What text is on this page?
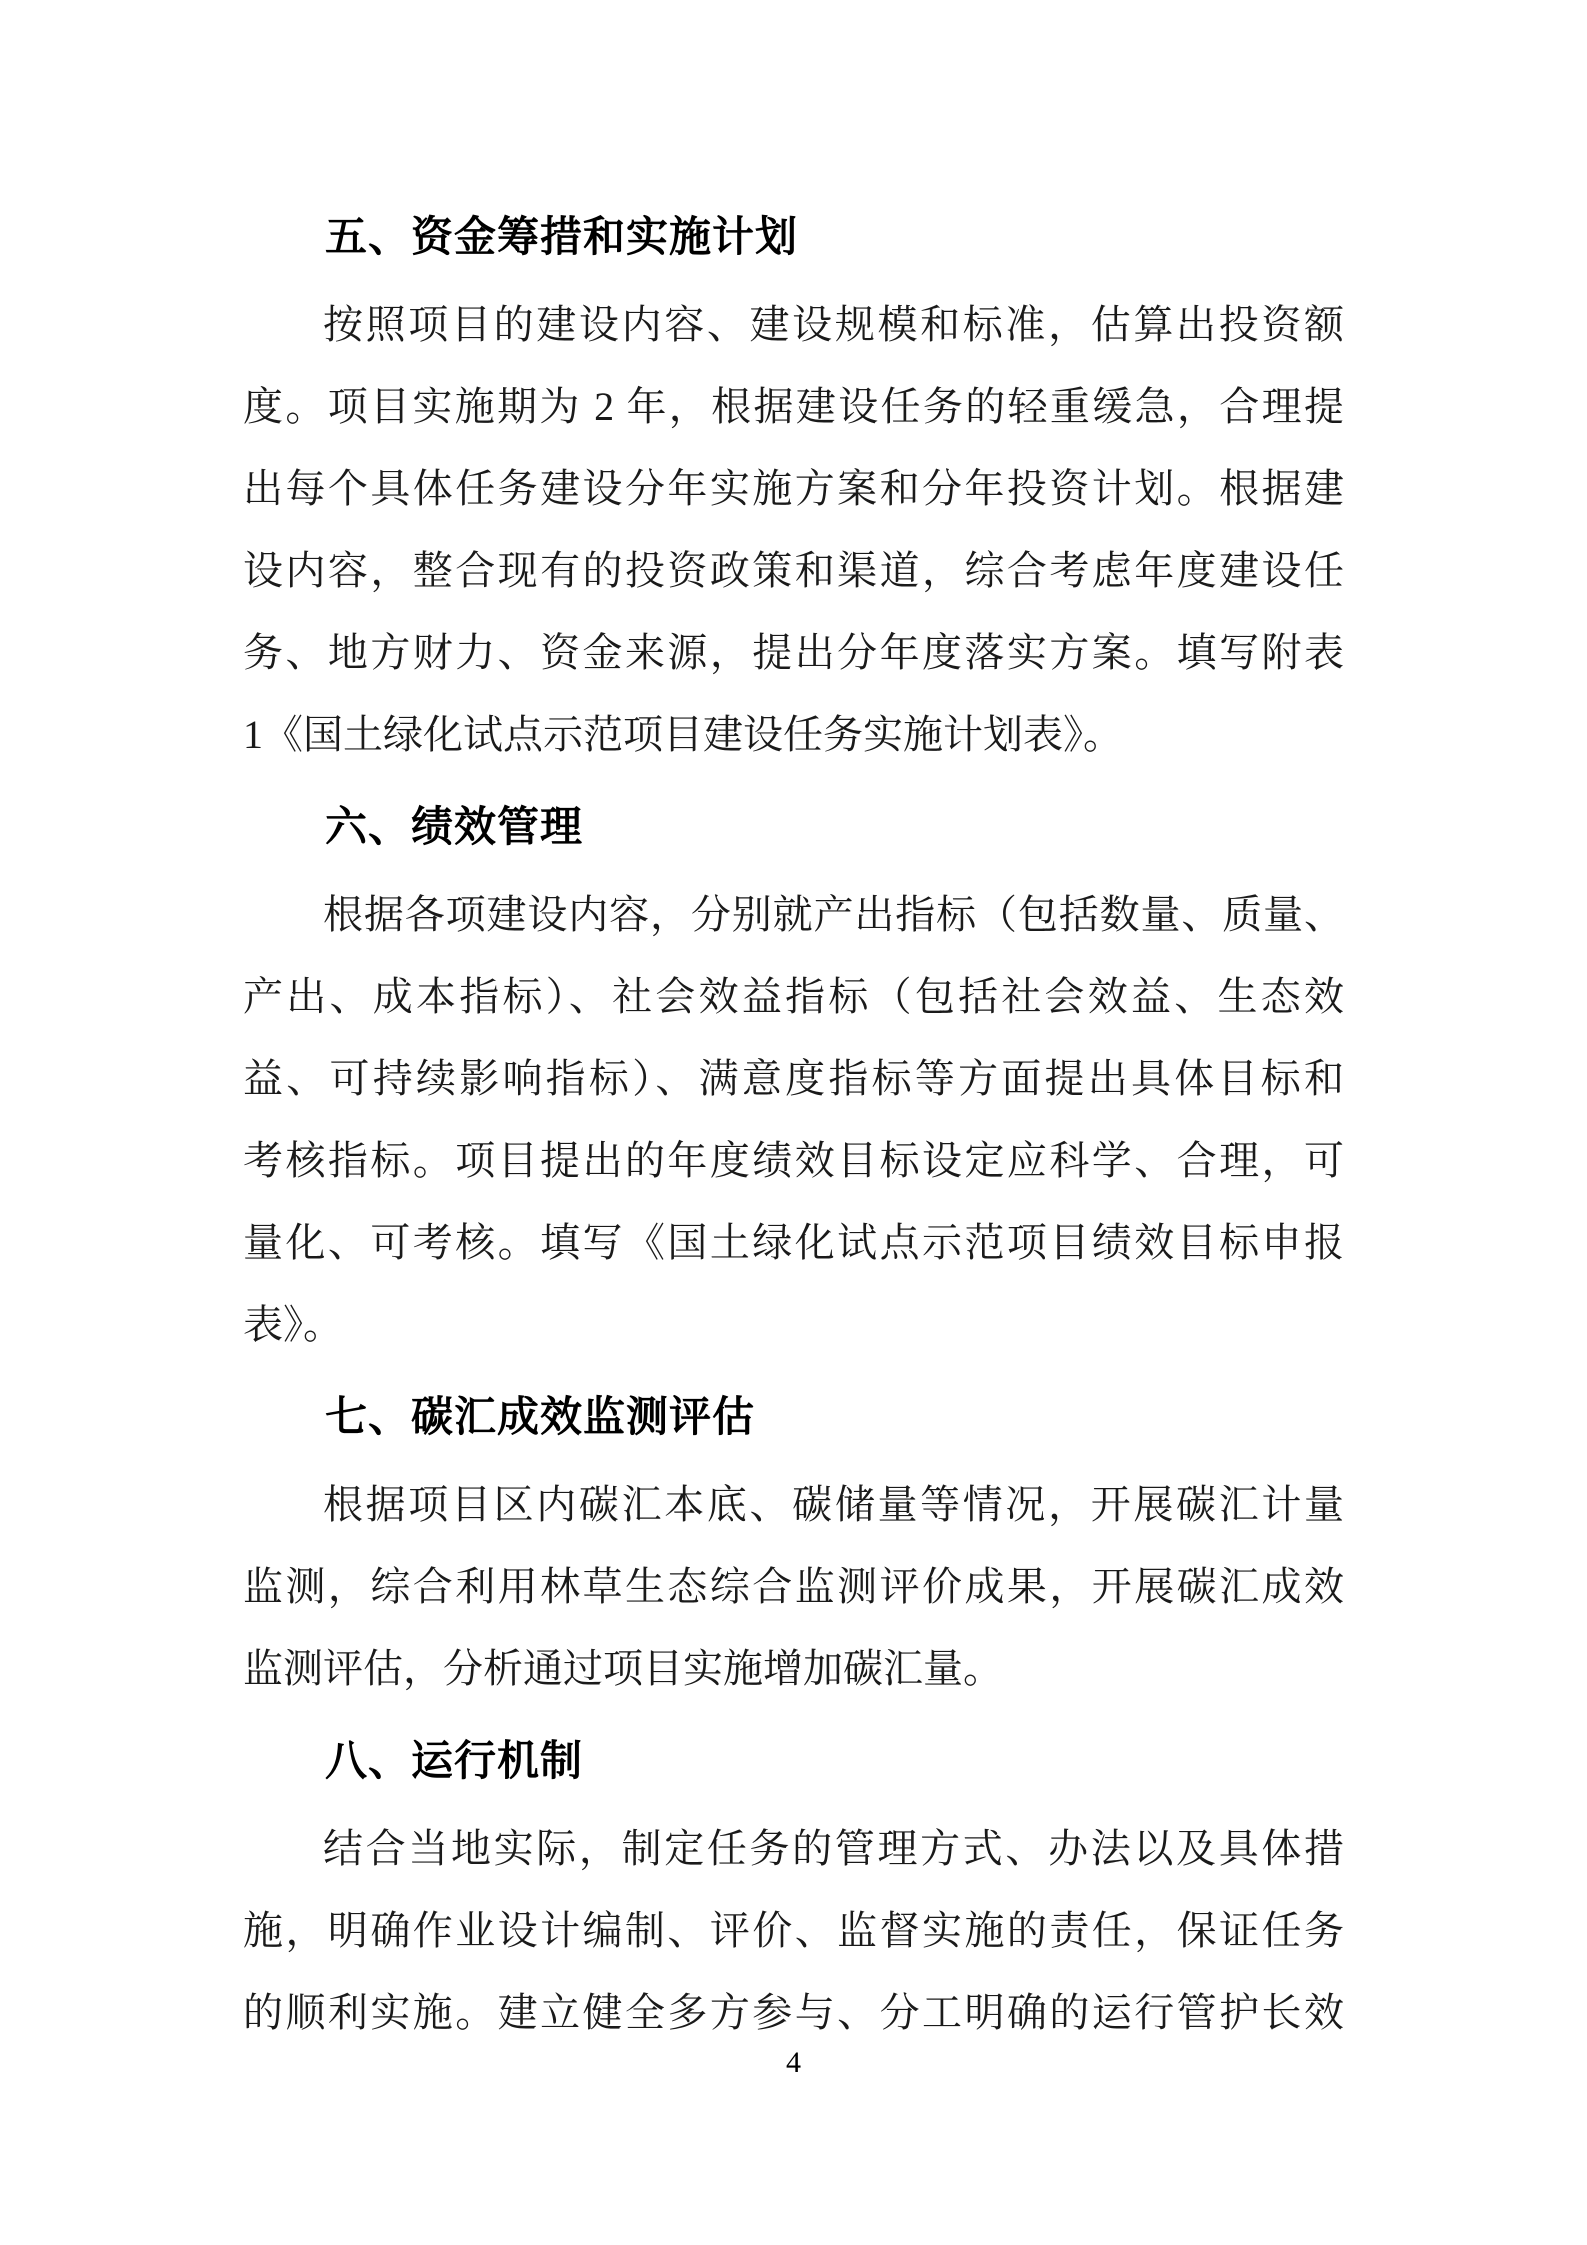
五、资金筹措和实施计划

按照项目的建设内容、建设规模和标准，估算出投资额

度。项目实施期为 2 年，根据建设任务的轻重缓急，合理提

出每个具体任务建设分年实施方案和分年投资计划。根据建

设内容，整合现有的投资政策和渠道，综合考虑年度建设任

务、地方财力、资金来源，提出分年度落实方案。填写附表

1《国土绿化试点示范项目建设任务实施计划表》。

六、绩效管理

根据各项建设内容，分别就产出指标（包括数量、质量、

产出、成本指标）、社会效益指标（包括社会效益、生态效

益、可持续影响指标）、满意度指标等方面提出具体目标和

考核指标。项目提出的年度绩效目标设定应科学、合理，可

量化、可考核。填写《国土绿化试点示范项目绩效目标申报

表》。

七、碳汇成效监测评估

根据项目区内碳汇本底、碳储量等情况，开展碳汇计量

监测，综合利用林草生态综合监测评价成果，开展碳汇成效

监测评估，分析通过项目实施增加碳汇量。

八、运行机制

结合当地实际，制定任务的管理方式、办法以及具体措

施，明确作业设计编制、评价、监督实施的责任，保证任务

的顺利实施。建立健全多方参与、分工明确的运行管护长效

4
